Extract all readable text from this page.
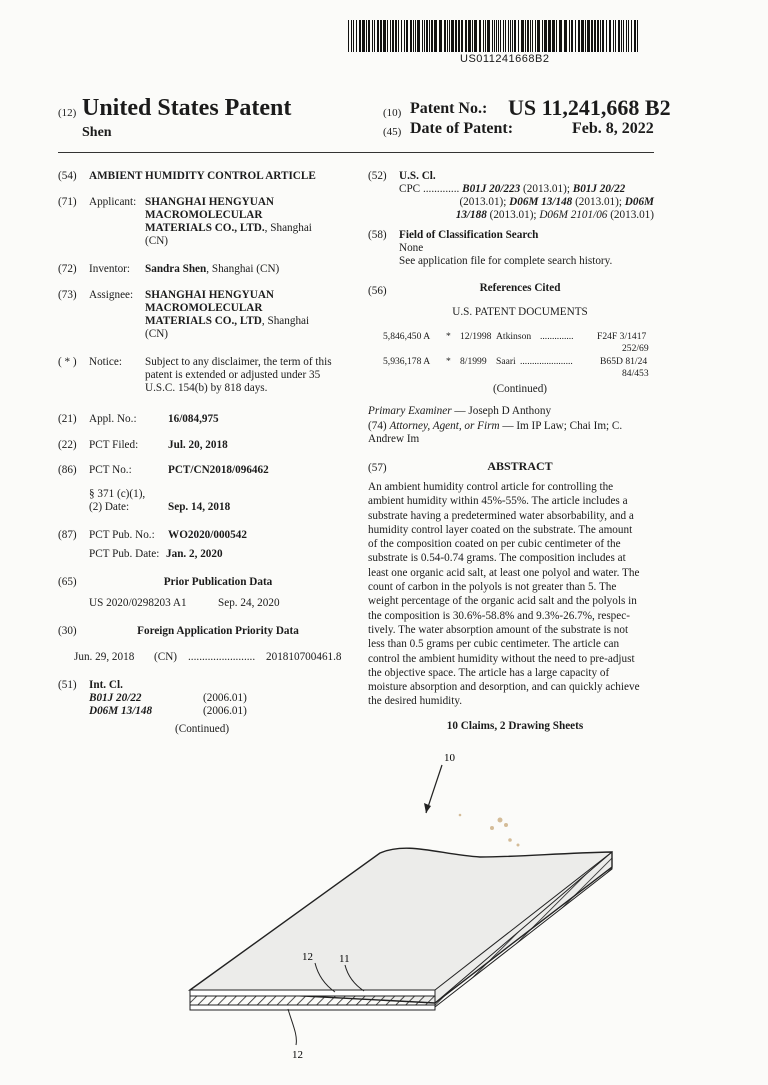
US011241668B2
(12) United States Patent
Shen
(10) Patent No.: US 11,241,668 B2
(45) Date of Patent:	Feb. 8, 2022
(54) AMBIENT HUMIDITY CONTROL ARTICLE
(71) Applicant: SHANGHAI HENGYUAN
MACROMOLECULAR
MATERIALS CO., LTD., Shanghai
(CN)
(72) Inventor: Sandra Shen, Shanghai (CN)
(73) Assignee: SHANGHAI HENGYUAN
MACROMOLECULAR
MATERIALS CO., LTD, Shanghai
(CN)
( * ) Notice: Subject to any disclaimer, the term of this
patent is extended or adjusted under 35
U.S.C. 154(b) by 818 days.
(21) Appl. No.:	16/084,975
(22) PCT Filed:	Jul. 20, 2018
(86) PCT No.:	PCT/CN2018/096462
§ 371 (c)(1),
(2) Date:	Sep. 14, 2018
(87) PCT Pub. No.: WO2020/000542
PCT Pub. Date: Jan. 2, 2020
(65)	Prior Publication Data
US 2020/0298203 A1	Sep. 24, 2020
(30)	Foreign Application Priority Data
Jun. 29, 2018 (CN) ........................ 201810700461.8
(51) Int. Cl.
B01J 20/22	(2006.01)
D06M 13/148	(2006.01)
(Continued)
(52) U.S. Cl.
CPC ............. B01J 20/223 (2013.01); B01J 20/22
(2013.01); D06M 13/148 (2013.01); D06M
13/188 (2013.01); D06M 2101/06 (2013.01)
(58) Field of Classification Search
None
See application file for complete search history.
(56)	References Cited
U.S. PATENT DOCUMENTS
5,846,450 A * 12/1998 Atkinson .............. F24F 3/1417
252/69
5,936,178 A * 8/1999 Saari ......................	B65D 81/24
84/453
(Continued)
Primary Examiner — Joseph D Anthony
(74) Attorney, Agent, or Firm — Im IP Law; Chai Im; C.
Andrew Im
(57)	ABSTRACT
An ambient humidity control article for controlling the
ambient humidity within 45%-55%. The article includes a
substrate having a predetermined water absorbability, and a
humidity control layer coated on the substrate. The amount
of the composition coated on per cubic centimeter of the
substrate is 0.54-0.74 grams. The composition includes at
least one organic acid salt, at least one polyol and water. The
count of carbon in the polyols is not greater than 5. The
weight percentage of the organic acid salt and the polyols in
the composition is 30.6%-58.8% and 9.3%-26.7%, respec-
tively. The water absorption amount of the substrate is not
less than 0.5 grams per cubic centimeter. The article can
control the ambient humidity without the need to pre-adjust
the objective space. The article has a large capacity of
moisture absorption and desorption, and can quickly achieve
the desired humidity.
10 Claims, 2 Drawing Sheets
10
12 11
12
